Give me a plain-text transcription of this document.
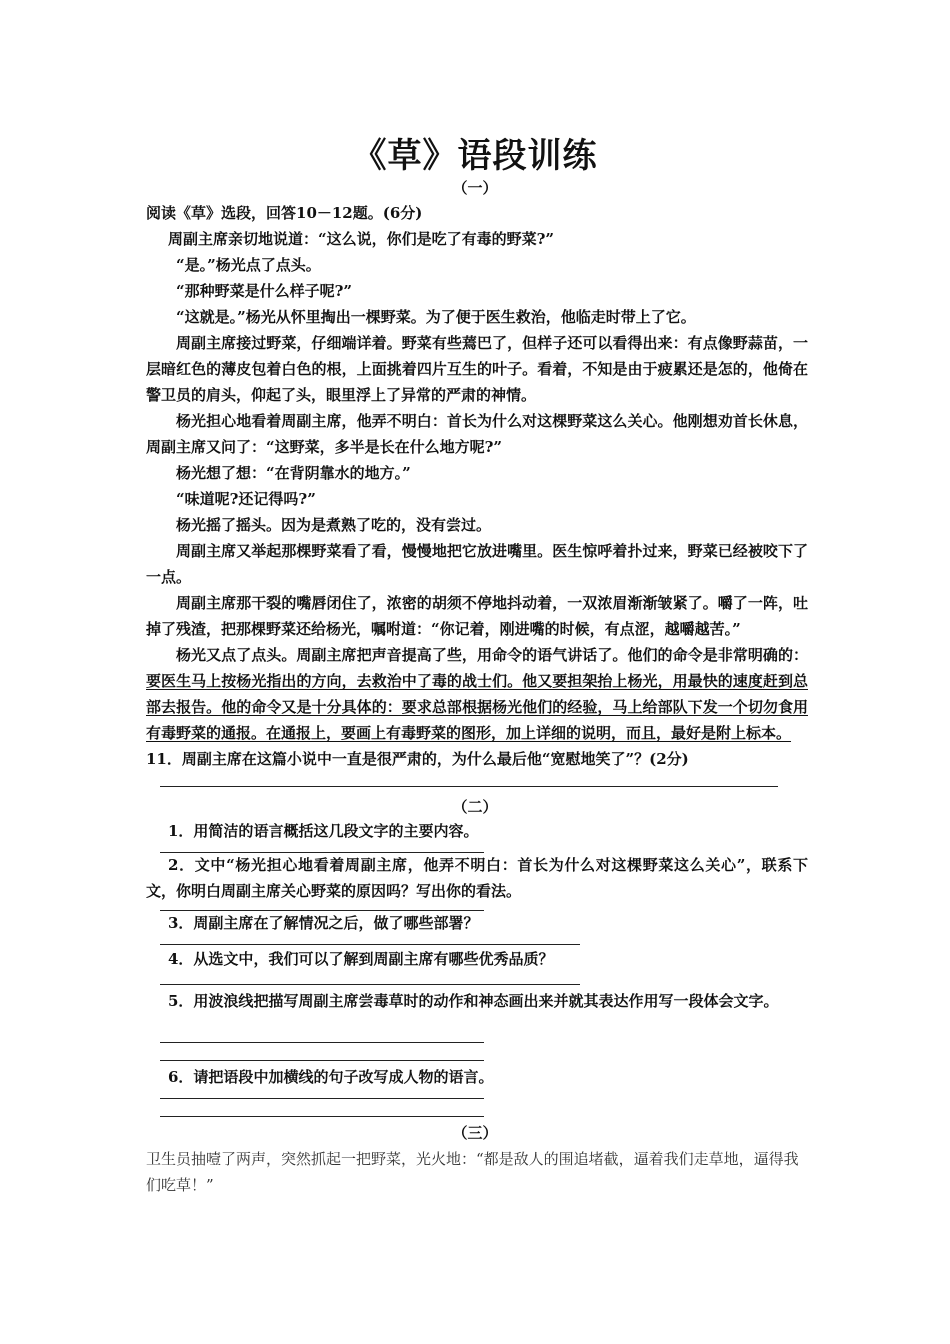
《草》语段训练
（一）

阅读《草》选段，回答10－12题。(6分)

周副主席亲切地说道：“这么说，你们是吃了有毒的野菜?”

“是。”杨光点了点头。

“那种野菜是什么样子呢?”

“这就是。”杨光从怀里掏出一棵野菜。为了便于医生救治，他临走时带上了它。

周副主席接过野菜，仔细端详着。野菜有些蔫巴了，但样子还可以看得出来：有点像野蒜苗，一层暗红色的薄皮包着白色的根，上面挑着四片互生的叶子。看着，不知是由于疲累还是怎的，他倚在警卫员的肩头，仰起了头，眼里浮上了异常的严肃的神情。

杨光担心地看着周副主席，他弄不明白：首长为什么对这棵野菜这么关心。他刚想劝首长休息，周副主席又问了：“这野菜，多半是长在什么地方呢?”

杨光想了想：“在背阴靠水的地方。”

“味道呢?还记得吗?”

杨光摇了摇头。因为是煮熟了吃的，没有尝过。

周副主席又举起那棵野菜看了看，慢慢地把它放进嘴里。医生惊呼着扑过来，野菜已经被咬下了一点。

周副主席那干裂的嘴唇闭住了，浓密的胡须不停地抖动着，一双浓眉渐渐皱紧了。嚼了一阵，吐掉了残渣，把那棵野菜还给杨光，嘱咐道：“你记着，刚进嘴的时候，有点涩，越嚼越苦。”

杨光又点了点头。周副主席把声音提高了些，用命令的语气讲话了。他们的命令是非常明确的：要医生马上按杨光指出的方向，去救治中了毒的战士们。他又要担架抬上杨光，用最快的速度赶到总部去报告。他的命令又是十分具体的：要求总部根据杨光他们的经验，马上给部队下发一个切勿食用有毒野菜的通报。在通报上，要画上有毒野菜的图形，加上详细的说明，而且，最好是附上标本。

11．周副主席在这篇小说中一直是很严肃的，为什么最后他“宽慰地笑了”？(2分)

（二）

1．用简洁的语言概括这几段文字的主要内容。

2．文中“杨光担心地看着周副主席，他弄不明白：首长为什么对这棵野菜这么关心”，联系下文，你明白周副主席关心野菜的原因吗？写出你的看法。

3．周副主席在了解情况之后，做了哪些部署？

4．从选文中，我们可以了解到周副主席有哪些优秀品质？

5．用波浪线把描写周副主席尝毒草时的动作和神态画出来并就其表达作用写一段体会文字。

6．请把语段中加横线的句子改写成人物的语言。

（三）
卫生员抽噎了两声，突然抓起一把野菜，光火地：“都是敌人的围追堵截，逼着我们走草地，逼得我们吃草！”
